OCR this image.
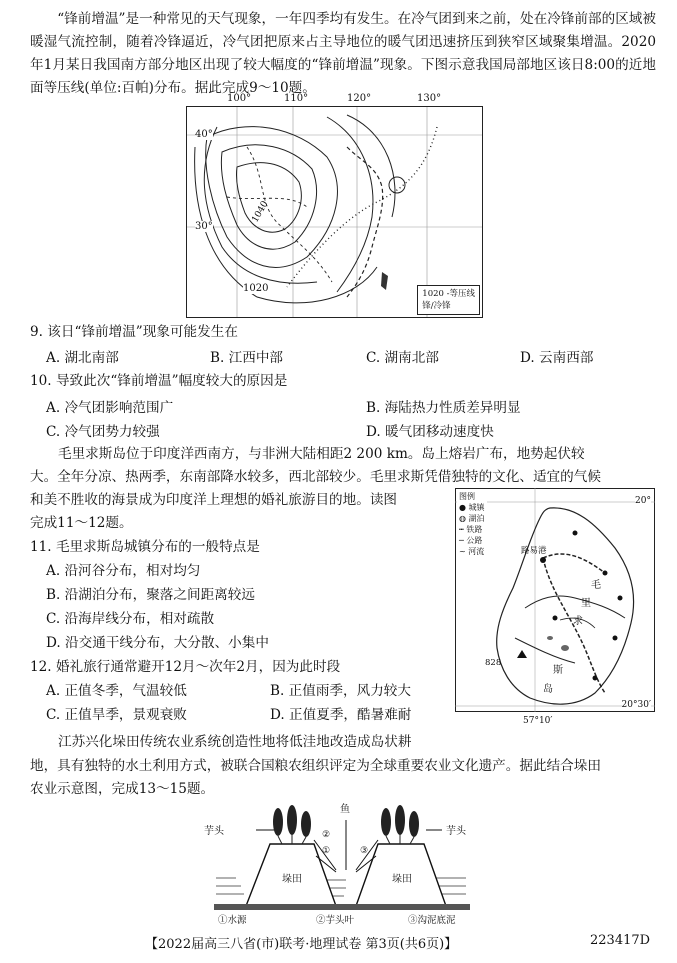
“锋前增温”是一种常见的天气现象，一年四季均有发生。在冷气团到来之前，处在冷锋前部的区域被暖湿气流控制，随着冷锋逼近，冷气团把原来占主导地位的暖气团迅速挤压到狭窄区域聚集增温。2020年1月某日我国南方部分地区出现了较大幅度的“锋前增温”现象。下图示意我国局部地区该日8:00的近地面等压线(单位:百帕)分布。据此完成9～10题。
100°	110°	120°	130°
40°
30°
1040
1020	1020 -等压线
锋/冷锋
9. 该日“锋前增温”现象可能发生在
A. 湖北南部	B. 江西中部	C. 湖南北部	D. 云南西部
10. 导致此次“锋前增温”幅度较大的原因是
A. 冷气团影响范围广	B. 海陆热力性质差异明显
C. 冷气团势力较强	D. 暖气团移动速度快
毛里求斯岛位于印度洋西南方，与非洲大陆相距2 200 km。岛上熔岩广布，地势起伏较
大。全年分凉、热两季，东南部降水较多，西北部较少。毛里求斯凭借独特的文化、适宜的气候
和美不胜收的海景成为印度洋上理想的婚礼旅游目的地。读图
完成11～12题。
图例
● 城镇
◍ 湖泊
┅ 铁路
─ 公路
~ 河流
20°
20°30′
57°10′
路易港
828
毛
里
求
斯
岛
11. 毛里求斯岛城镇分布的一般特点是
A. 沿河谷分布，相对均匀
B. 沿湖泊分布，聚落之间距离较远
C. 沿海岸线分布，相对疏散
D. 沿交通干线分布，大分散、小集中
12. 婚礼旅行通常避开12月～次年2月，因为此时段
A. 正值冬季，气温较低	B. 正值雨季，风力较大
C. 正值旱季，景观衰败	D. 正值夏季，酷暑难耐
江苏兴化垛田传统农业系统创造性地将低洼地改造成岛状耕
地，具有独特的水土利用方式，被联合国粮农组织评定为全球重要农业文化遗产。据此结合垛田
农业示意图，完成13～15题。
芋头	芋头
鱼
垛田	垛田
①
②
③
①水源	②芋头叶	③沟泥底泥
【2022届高三八省(市)联考·地理试卷 第3页(共6页)】	223417D
